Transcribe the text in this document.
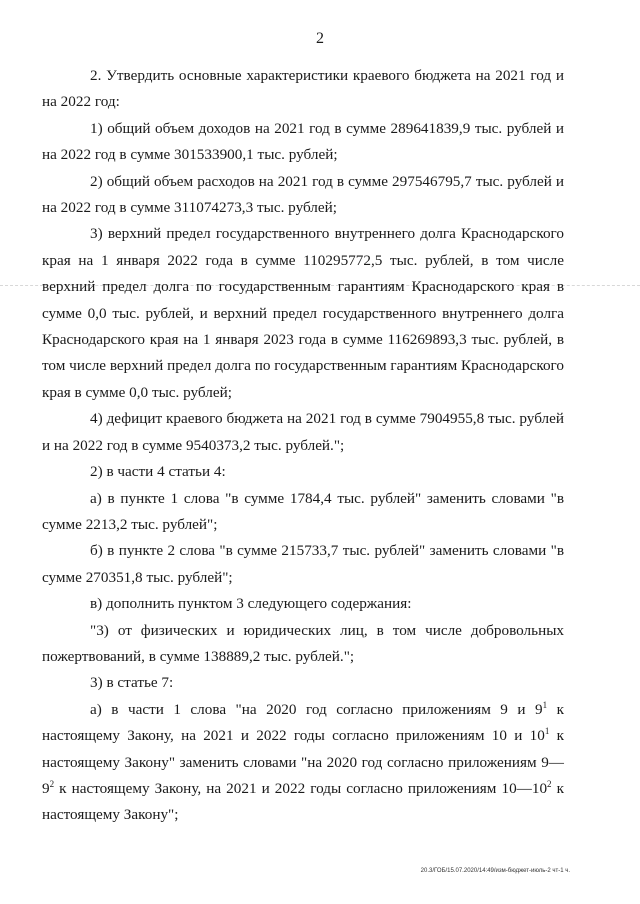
2

2. Утвердить основные характеристики краевого бюджета на 2021 год и на 2022 год:

1) общий объем доходов на 2021 год в сумме 289641839,9 тыс. рублей и на 2022 год в сумме 301533900,1 тыс. рублей;

2) общий объем расходов на 2021 год в сумме 297546795,7 тыс. рублей и на 2022 год в сумме 311074273,3 тыс. рублей;

3) верхний предел государственного внутреннего долга Краснодарского края на 1 января 2022 года в сумме 110295772,5 тыс. рублей, в том числе верхний предел долга по государственным гарантиям Краснодарского края в сумме 0,0 тыс. рублей, и верхний предел государственного внутреннего долга Краснодарского края на 1 января 2023 года в сумме 116269893,3 тыс. рублей, в том числе верхний предел долга по государственным гарантиям Краснодарского края в сумме 0,0 тыс. рублей;

4) дефицит краевого бюджета на 2021 год в сумме 7904955,8 тыс. рублей и на 2022 год в сумме 9540373,2 тыс. рублей.";

2) в части 4 статьи 4:

а) в пункте 1 слова "в сумме 1784,4 тыс. рублей" заменить словами "в сумме 2213,2 тыс. рублей";

б) в пункте 2 слова "в сумме 215733,7 тыс. рублей" заменить словами "в сумме 270351,8 тыс. рублей";

в) дополнить пунктом 3 следующего содержания:

"3) от физических и юридических лиц, в том числе добровольных пожертвований, в сумме 138889,2 тыс. рублей.";

3) в статье 7:

а) в части 1 слова "на 2020 год согласно приложениям 9 и $9^1$ к настоящему Закону, на 2021 и 2022 годы согласно приложениям 10 и $10^1$ к настоящему Закону" заменить словами "на 2020 год согласно приложениям $9—9^2$ к настоящему Закону, на 2021 и 2022 годы согласно приложениям $10—10^2$ к настоящему Закону";

20.3/ГОБ/15.07.2020/14:49/изм-бюджет-июль-2 чт-1 ч.
